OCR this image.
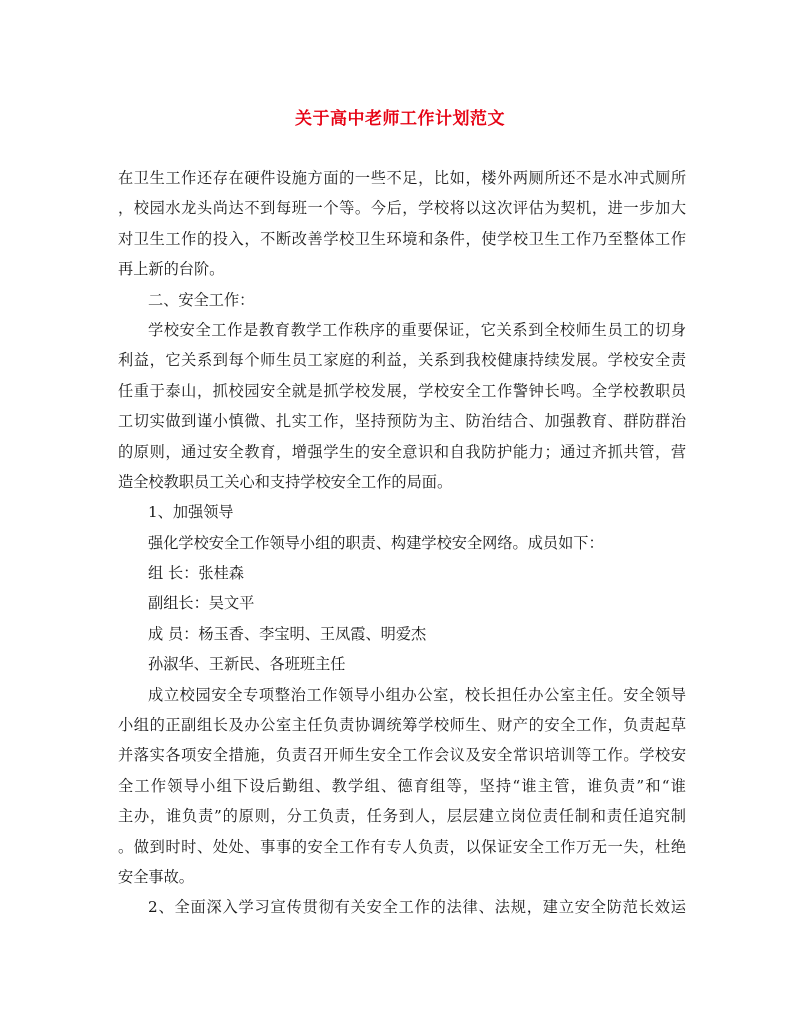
关于高中老师工作计划范文
在卫生工作还存在硬件设施方面的一些不足，比如，楼外两厕所还不是水冲式厕所
，校园水龙头尚达不到每班一个等。今后，学校将以这次评估为契机，进一步加大
对卫生工作的投入，不断改善学校卫生环境和条件，使学校卫生工作乃至整体工作
再上新的台阶。
二、安全工作：
学校安全工作是教育教学工作秩序的重要保证，它关系到全校师生员工的切身
利益，它关系到每个师生员工家庭的利益，关系到我校健康持续发展。学校安全责
任重于泰山，抓校园安全就是抓学校发展，学校安全工作警钟长鸣。全学校教职员
工切实做到谨小慎微、扎实工作，坚持预防为主、防治结合、加强教育、群防群治
的原则，通过安全教育，增强学生的安全意识和自我防护能力；通过齐抓共管，营
造全校教职员工关心和支持学校安全工作的局面。
1、加强领导
强化学校安全工作领导小组的职责、构建学校安全网络。成员如下：
组 长：张桂森
副组长：吴文平
成 员：杨玉香、李宝明、王凤霞、明爱杰
孙淑华、王新民、各班班主任
成立校园安全专项整治工作领导小组办公室，校长担任办公室主任。安全领导
小组的正副组长及办公室主任负责协调统筹学校师生、财产的安全工作，负责起草
并落实各项安全措施，负责召开师生安全工作会议及安全常识培训等工作。学校安
全工作领导小组下设后勤组、教学组、德育组等，坚持“谁主管，谁负责”和“谁
主办，谁负责”的原则，分工负责，任务到人，层层建立岗位责任制和责任追究制
。做到时时、处处、事事的安全工作有专人负责，以保证安全工作万无一失，杜绝
安全事故。
2、全面深入学习宣传贯彻有关安全工作的法律、法规，建立安全防范长效运
